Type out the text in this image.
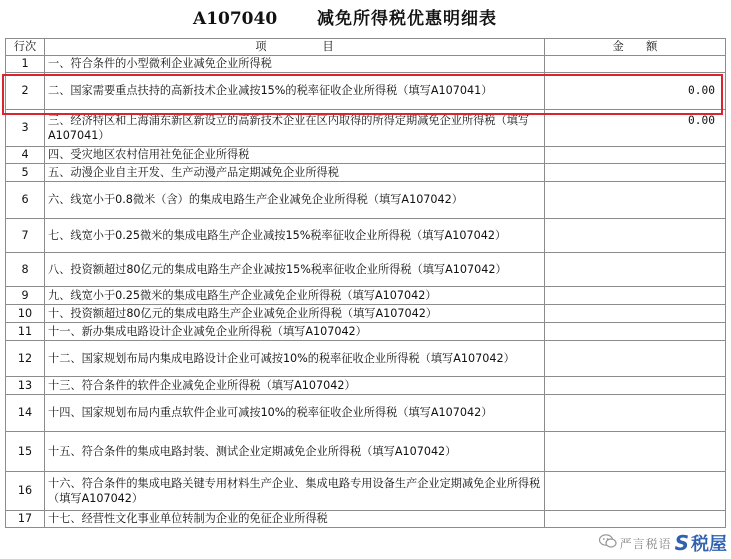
A107040 减免所得税优惠明细表
行次	项　　　　　目	金　　额
1	一、符合条件的小型微利企业减免企业所得税	
2	二、国家需要重点扶持的高新技术企业减按15%的税率征收企业所得税（填写A107041）	0.00
3	三、经济特区和上海浦东新区新设立的高新技术企业在区内取得的所得定期减免企业所得税（填写A107041）	0.00
4	四、受灾地区农村信用社免征企业所得税	
5	五、动漫企业自主开发、生产动漫产品定期减免企业所得税	
6	六、线宽小于0.8微米（含）的集成电路生产企业减免企业所得税（填写A107042）	
7	七、线宽小于0.25微米的集成电路生产企业减按15%税率征收企业所得税（填写A107042）	
8	八、投资额超过80亿元的集成电路生产企业减按15%税率征收企业所得税（填写A107042）	
9	九、线宽小于0.25微米的集成电路生产企业减免企业所得税（填写A107042）	
10	十、投资额超过80亿元的集成电路生产企业减免企业所得税（填写A107042）	
11	十一、新办集成电路设计企业减免企业所得税（填写A107042）	
12	十二、国家规划布局内集成电路设计企业可减按10%的税率征收企业所得税（填写A107042）	
13	十三、符合条件的软件企业减免企业所得税（填写A107042）	
14	十四、国家规划布局内重点软件企业可减按10%的税率征收企业所得税（填写A107042）	
15	十五、符合条件的集成电路封装、测试企业定期减免企业所得税（填写A107042）	
16	十六、符合条件的集成电路关键专用材料生产企业、集成电路专用设备生产企业定期减免企业所得税（填写A107042）	
17	十七、经营性文化事业单位转制为企业的免征企业所得税	
严言税语 S 税屋
